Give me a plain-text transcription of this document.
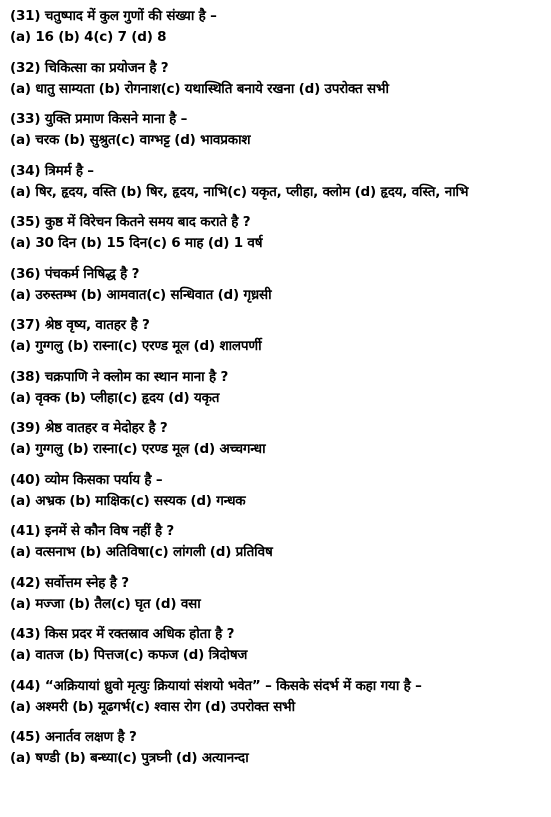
(31) चतुष्पाद में कुल गुणों की संख्या है –
(a) 16 (b) 4(c) 7 (d) 8
(32) चिकित्सा का प्रयोजन है ?
(a) धातु साम्यता (b) रोगनाश(c) यथास्थिति बनाये रखना (d) उपरोक्त सभी
(33) युक्ति प्रमाण किसने माना है –
(a) चरक (b) सुश्रुत(c) वाग्भट्ट (d) भावप्रकाश
(34) त्रिमर्म है –
(a) षिर, हृदय, वस्ति (b) षिर, हृदय, नाभि(c) यकृत, प्लीहा, क्लोम (d) हृदय, वस्ति, नाभि
(35) कुष्ठ में विरेचन कितने समय बाद कराते है ?
(a) 30 दिन (b) 15 दिन(c) 6 माह (d) 1 वर्ष
(36) पंचकर्म निषिद्ध है ?
(a) उरुस्तम्भ (b) आमवात(c) सन्धिवात (d) गृध्रसी
(37) श्रेष्ठ वृष्य, वातहर है ?
(a) गुग्गलु (b) रास्ना(c) एरण्ड मूल (d) शालपर्णी
(38) चक्रपाणि ने क्लोम का स्थान माना है ?
(a) वृक्क (b) प्लीहा(c) हृदय (d) यकृत
(39) श्रेष्ठ वातहर व मेदोहर है ?
(a) गुग्गलु (b) रास्ना(c) एरण्ड मूल (d) अच्चगन्धा
(40) व्योम किसका पर्याय है –
(a) अभ्रक (b) माक्षिक(c) सस्यक (d) गन्धक
(41) इनमें से कौन विष नहीं है ?
(a) वत्सनाभ (b) अतिविषा(c) लांगली (d) प्रतिविष
(42) सर्वोत्तम स्नेह है ?
(a) मज्जा (b) तैल(c) घृत (d) वसा
(43) किस प्रदर में रक्तस्राव अधिक होता है ?
(a) वातज (b) पित्तज(c) कफज (d) त्रिदोषज
(44) “अक्रियायां ध्रुवो मृत्युः क्रियायां संशयो भवेत” – किसके संदर्भ में कहा गया है –
(a) अश्मरी (b) मूढगर्भ(c) श्वास रोग (d) उपरोक्त सभी
(45) अनार्तव लक्षण है ?
(a) षण्डी (b) बन्ध्या(c) पुत्रघ्नी (d) अत्यानन्दा
